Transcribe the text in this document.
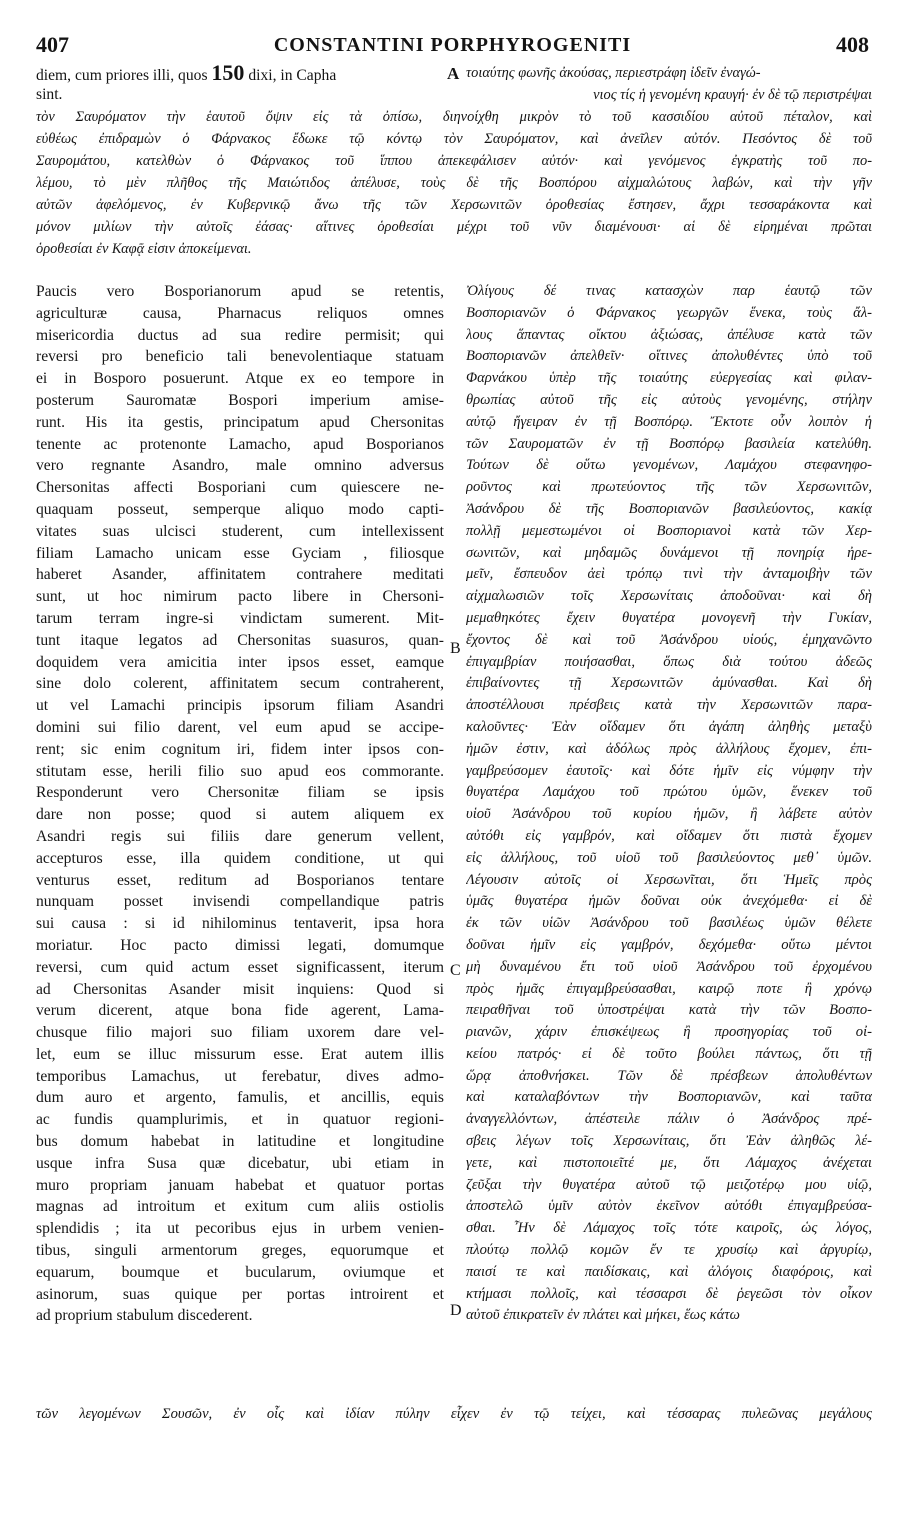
407	CONSTANTINI PORPHYROGENITI	408
diem, cum priores illi, quos 150 dixi, in Capha	τοιαύτης φωνῆς ἀκούσας, περιεστράφη ἰδεῖν ἐναγώ-
sint.	νιος τίς ἡ γενομένη κραυγή· ἐν δὲ τῷ περιστρέψαι
τὸν Σαυρόματον τὴν ἑαυτοῦ ὄψιν εἰς τὰ ὀπίσω, διηνοίχθη μικρὸν τὸ τοῦ κασσιδίου αὐτοῦ πέταλον, καὶ
εὐθέως ἐπιδραμὼν ὁ Φάρνακος ἔδωκε τῷ κόντῳ τὸν Σαυρόματον, καὶ ἀνεῖλεν αὐτόν. Πεσόντος δὲ τοῦ
Σαυρομάτου, κατελθὼν ὁ Φάρνακος τοῦ ἵππου ἀπεκεφάλισεν αὐτόν· καὶ γενόμενος ἐγκρατὴς τοῦ πο-
λέμου, τὸ μὲν πλῆθος τῆς Μαιώτιδος ἀπέλυσε, τοὺς δὲ τῆς Βοσπόρου αἰχμαλώτους λαβών, καὶ τὴν γῆν
αὐτῶν ἀφελόμενος, ἐν Κυβερνικῷ ἄνω τῆς τῶν Χερσωνιτῶν ὁροθεσίας ἔστησεν, ἄχρι τεσσαράκοντα καὶ
μόνον μιλίων τὴν αὐτοῖς ἐάσας· αἵτινες ὁροθεσίαι μέχρι τοῦ νῦν διαμένουσι· αἱ δὲ εἰρημέναι πρῶται
ὁροθεσίαι ἐν Καφᾷ εἰσιν ἀποκείμεναι.
Paucis vero Bosporianorum apud se retentis,
agriculturæ causa, Pharnacus reliquos omnes
misericordia ductus ad sua redire permisit; qui
reversi pro beneficio tali benevolentiaque statuam
ei in Bosporo posuerunt. Atque ex eo tempore in
posterum Sauromatæ Bospori imperium amise-
runt. His ita gestis, principatum apud Chersonitas
tenente ac protenonte Lamacho, apud Bosporianos
vero regnante Asandro, male omnino adversus
Chersonitas affecti Bosporiani cum quiescere ne-
quaquam posseut, semperque aliquo modo capti-
vitates suas ulcisci studerent, cum intellexissent
filiam Lamacho unicam esse Gyciam , filiosque
haberet Asander, affinitatem contrahere meditati
sunt, ut hoc nimirum pacto libere in Chersoni-
tarum terram ingre-si vindictam sumerent. Mit-
tunt itaque legatos ad Chersonitas suasuros, quan-
doquidem vera amicitia inter ipsos esset, eamque
sine dolo colerent, affinitatem secum contraherent,
ut vel Lamachi principis ipsorum filiam Asandri
domini sui filio darent, vel eum apud se accipe-
rent; sic enim cognitum iri, fidem inter ipsos con-
stitutam esse, herili filio suo apud eos commorante.
Responderunt vero Chersonitæ filiam se ipsis
dare non posse; quod si autem aliquem ex
Asandri regis sui filiis dare generum vellent,
accepturos esse, illa quidem conditione, ut qui
venturus esset, reditum ad Bosporianos tentare
nunquam posset invisendi compellandique patris
sui causa : si id nihilominus tentaverit, ipsa hora
moriatur. Hoc pacto dimissi legati, domumque
reversi, cum quid actum esset significassent, iterum
ad Chersonitas Asander misit inquiens: Quod si
verum dicerent, atque bona fide agerent, Lama-
chusque filio majori suo filiam uxorem dare vel-
let, eum se illuc missurum esse. Erat autem illis
temporibus Lamachus, ut ferebatur, dives admo-
dum auro et argento, famulis, et ancillis, equis
ac fundis quamplurimis, et in quatuor regioni-
bus domum habebat in latitudine et longitudine
usque infra Susa quæ dicebatur, ubi etiam in
muro propriam januam habebat et quatuor portas
magnas ad introitum et exitum cum aliis ostiolis
splendidis ; ita ut pecoribus ejus in urbem venien-
tibus, singuli armentorum greges, equorumque et
equarum, boumque et bucularum, oviumque et
asinorum, suas quique per portas introirent et
ad proprium stabulum discederent.
Ὀλίγους δέ τινας κατασχὼν παρ ἑαυτῷ τῶν
Βοσποριανῶν ὁ Φάρνακος γεωργῶν ἕνεκα, τοὺς ἄλ-
λους ἅπαντας οἴκτου ἀξιώσας, ἀπέλυσε κατὰ τῶν
Βοσποριανῶν ἀπελθεῖν· οἵτινες ἀπολυθέντες ὑπὸ τοῦ
Φαρνάκου ὑπὲρ τῆς τοιαύτης εὐεργεσίας καὶ φιλαν-
θρωπίας αὐτοῦ τῆς εἰς αὐτοὺς γενομένης, στήλην
αὐτῷ ἤγειραν ἐν τῇ Βοσπόρῳ. Ἔκτοτε οὖν λοιπὸν ἡ
τῶν Σαυροματῶν ἐν τῇ Βοσπόρῳ βασιλεία κατελύθη.
Τούτων δὲ οὕτω γενομένων, Λαμάχου στεφανηφο-
ροῦντος καὶ πρωτεύοντος τῆς τῶν Χερσωνιτῶν,
Ἀσάνδρου δὲ τῆς Βοσποριανῶν βασιλεύοντος, κακίᾳ
πολλῇ μεμεστωμένοι οἱ Βοσποριανοὶ κατὰ τῶν Χερ-
σωνιτῶν, καὶ μηδαμῶς δυνάμενοι τῇ πονηρίᾳ ἠρε-
μεῖν, ἔσπευδον ἀεὶ τρόπῳ τινὶ τὴν ἀνταμοιβὴν τῶν
αἰχμαλωσιῶν τοῖς Χερσωνίταις ἀποδοῦναι· καὶ δὴ
μεμαθηκότες ἔχειν θυγατέρα μονογενῆ τὴν Γυκίαν,
ἔχοντος δὲ καὶ τοῦ Ἀσάνδρου υἱούς, ἐμηχανῶντο
ἐπιγαμβρίαν ποιήσασθαι, ὅπως διὰ τούτου ἀδεῶς
ἐπιβαίνοντες τῇ Χερσωνιτῶν ἀμύνασθαι. Καὶ δὴ
ἀποστέλλουσι πρέσβεις κατὰ τὴν Χερσωνιτῶν παρα-
καλοῦντες· Ἐὰν οἴδαμεν ὅτι ἀγάπη ἀληθὴς μεταξὺ
ἡμῶν ἐστιν, καὶ ἀδόλως πρὸς ἀλλήλους ἔχομεν, ἐπι-
γαμβρεύσομεν ἑαυτοῖς· καὶ δότε ἡμῖν εἰς νύμφην τὴν
θυγατέρα Λαμάχου τοῦ πρώτου ὑμῶν, ἕνεκεν τοῦ
υἱοῦ Ἀσάνδρου τοῦ κυρίου ἡμῶν, ἢ λάβετε αὐτὸν
αὐτόθι εἰς γαμβρόν, καὶ οἴδαμεν ὅτι πιστὰ ἔχομεν
εἰς ἀλλήλους, τοῦ υἱοῦ τοῦ βασιλεύοντος μεθ᾽ ὑμῶν.
Λέγουσιν αὐτοῖς οἱ Χερσωνῖται, ὅτι Ἡμεῖς πρὸς
ὑμᾶς θυγατέρα ἡμῶν δοῦναι οὐκ ἀνεχόμεθα· εἰ δὲ
ἐκ τῶν υἱῶν Ἀσάνδρου τοῦ βασιλέως ὑμῶν θέλετε
δοῦναι ἡμῖν εἰς γαμβρόν, δεχόμεθα· οὕτω μέντοι
μὴ δυναμένου ἔτι τοῦ υἱοῦ Ἀσάνδρου τοῦ ἐρχομένου
πρὸς ἡμᾶς ἐπιγαμβρεύσασθαι, καιρῷ ποτε ἢ χρόνῳ
πειραθῆναι τοῦ ὑποστρέψαι κατὰ τὴν τῶν Βοσπο-
ριανῶν, χάριν ἐπισκέψεως ἢ προσηγορίας τοῦ οἰ-
κείου πατρός· εἰ δὲ τοῦτο βούλει πάντως, ὅτι τῇ
ὥρᾳ ἀποθνήσκει. Τῶν δὲ πρέσβεων ἀπολυθέντων
καὶ καταλαβόντων τὴν Βοσποριανῶν, καὶ ταῦτα
ἀναγγελλόντων, ἀπέστειλε πάλιν ὁ Ἀσάνδρος πρέ-
σβεις λέγων τοῖς Χερσωνίταις, ὅτι Ἐὰν ἀληθῶς λέ-
γετε, καὶ πιστοποιεῖτέ με, ὅτι Λάμαχος ἀνέχεται
ζεῦξαι τὴν θυγατέρα αὐτοῦ τῷ μειζοτέρῳ μου υἱῷ,
ἀποστελῶ ὑμῖν αὐτὸν ἐκεῖνον αὐτόθι ἐπιγαμβρεύσα-
σθαι. Ἦν δὲ Λάμαχος τοῖς τότε καιροῖς, ὡς λόγος,
πλούτῳ πολλῷ κομῶν ἔν τε χρυσίῳ καὶ ἀργυρίῳ,
παισί τε καὶ παιδίσκαις, καὶ ἀλόγοις διαφόροις, καὶ
κτήμασι πολλοῖς, καὶ τέσσαρσι δὲ ῥεγεῶσι τὸν οἶκον
αὐτοῦ ἐπικρατεῖν ἐν πλάτει καὶ μήκει, ἕως κάτω
τῶν λεγομένων Σουσῶν, ἐν οἷς καὶ ἰδίαν πύλην εἶχεν ἐν τῷ τείχει, καὶ τέσσαρας πυλεῶνας μεγάλους
A
B
C
D
